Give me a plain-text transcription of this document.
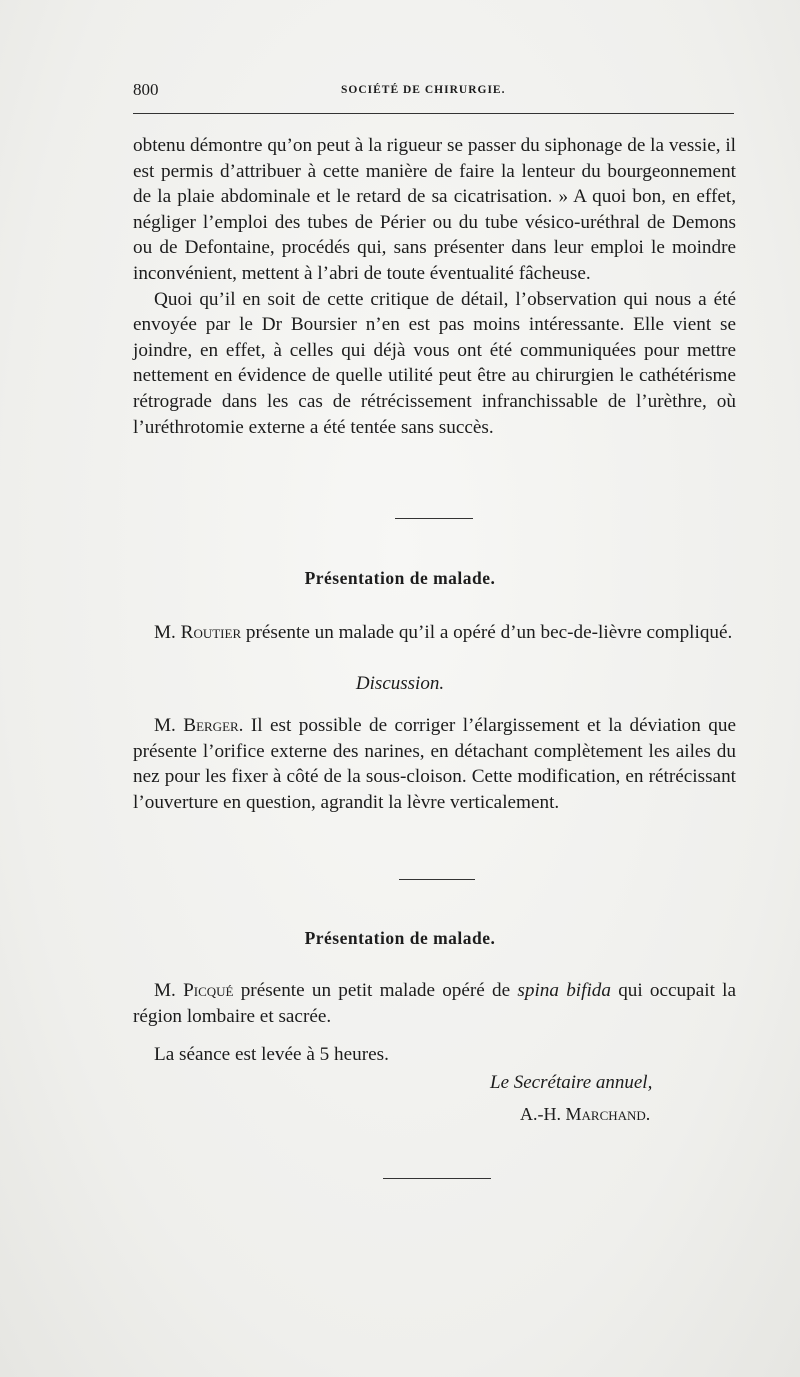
800	SOCIÉTÉ DE CHIRURGIE.

obtenu démontre qu’on peut à la rigueur se passer du siphonage de la vessie, il est permis d’attribuer à cette manière de faire la lenteur du bourgeonnement de la plaie abdominale et le retard de sa cicatrisation. » A quoi bon, en effet, négliger l’emploi des tubes de Périer ou du tube vésico-uréthral de Demons ou de Defontaine, procédés qui, sans présenter dans leur emploi le moindre inconvénient, mettent à l’abri de toute éventualité fâcheuse.

Quoi qu’il en soit de cette critique de détail, l’observation qui nous a été envoyée par le Dr Boursier n’en est pas moins intéressante. Elle vient se joindre, en effet, à celles qui déjà vous ont été communiquées pour mettre nettement en évidence de quelle utilité peut être au chirurgien le cathétérisme rétrograde dans les cas de rétrécissement infranchissable de l’urèthre, où l’uréthrotomie externe a été tentée sans succès.

Présentation de malade.

M. Routier présente un malade qu’il a opéré d’un bec-de-lièvre compliqué.

Discussion.

M. Berger. Il est possible de corriger l’élargissement et la déviation que présente l’orifice externe des narines, en détachant complètement les ailes du nez pour les fixer à côté de la sous-cloison. Cette modification, en rétrécissant l’ouverture en question, agrandit la lèvre verticalement.

Présentation de malade.

M. Picqué présente un petit malade opéré de spina bifida qui occupait la région lombaire et sacrée.

La séance est levée à 5 heures.

Le Secrétaire annuel,
A.-H. Marchand.
